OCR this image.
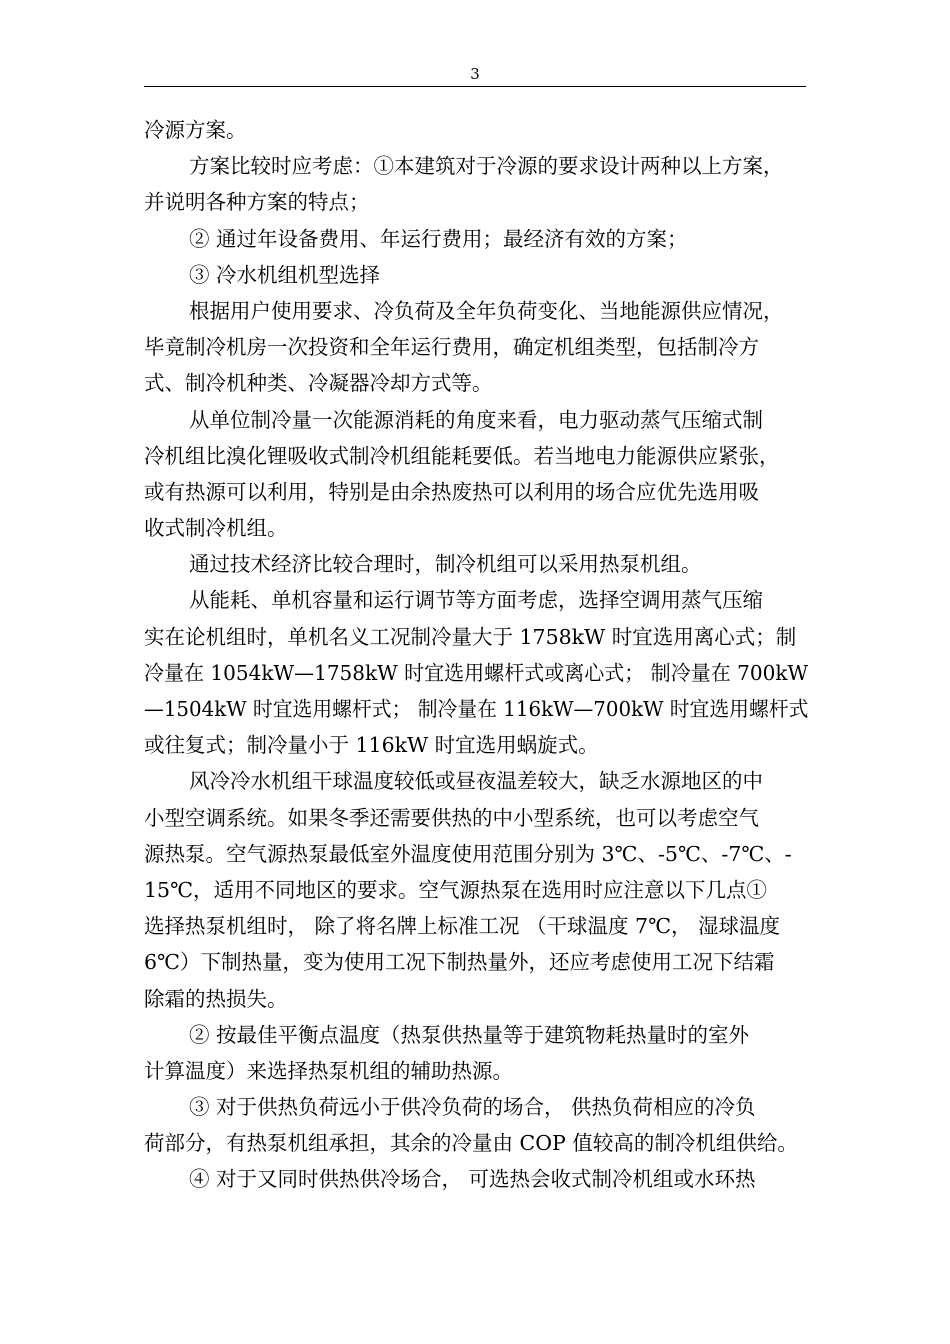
3

冷源方案。

方案比较时应考虑：①本建筑对于冷源的要求设计两种以上方案，
并说明各种方案的特点；

② 通过年设备费用、年运行费用；最经济有效的方案；

③ 冷水机组机型选择

根据用户使用要求、冷负荷及全年负荷变化、当地能源供应情况，
毕竟制冷机房一次投资和全年运行费用，确定机组类型，包括制冷方
式、制冷机种类、冷凝器冷却方式等。

从单位制冷量一次能源消耗的角度来看，电力驱动蒸气压缩式制
冷机组比溴化锂吸收式制冷机组能耗要低。若当地电力能源供应紧张，
或有热源可以利用，特别是由余热废热可以利用的场合应优先选用吸
收式制冷机组。

通过技术经济比较合理时，制冷机组可以采用热泵机组。

从能耗、单机容量和运行调节等方面考虑，选择空调用蒸气压缩
实在论机组时，单机名义工况制冷量大于 1758kW 时宜选用离心式；制
冷量在 1054kW—1758kW 时宜选用螺杆式或离心式； 制冷量在 700kW
—1504kW 时宜选用螺杆式； 制冷量在 116kW—700kW 时宜选用螺杆式
或往复式；制冷量小于 116kW 时宜选用蜗旋式。

风冷冷水机组干球温度较低或昼夜温差较大，缺乏水源地区的中
小型空调系统。如果冬季还需要供热的中小型系统，也可以考虑空气
源热泵。空气源热泵最低室外温度使用范围分别为 3℃、-5℃、-7℃、-
15℃，适用不同地区的要求。空气源热泵在选用时应注意以下几点①
选择热泵机组时， 除了将名牌上标准工况 （干球温度 7℃， 湿球温度
6℃）下制热量，变为使用工况下制热量外，还应考虑使用工况下结霜
除霜的热损失。

② 按最佳平衡点温度（热泵供热量等于建筑物耗热量时的室外
计算温度）来选择热泵机组的辅助热源。

③ 对于供热负荷远小于供冷负荷的场合， 供热负荷相应的冷负
荷部分，有热泵机组承担，其余的冷量由 COP 值较高的制冷机组供给。

④ 对于又同时供热供冷场合， 可选热会收式制冷机组或水环热
